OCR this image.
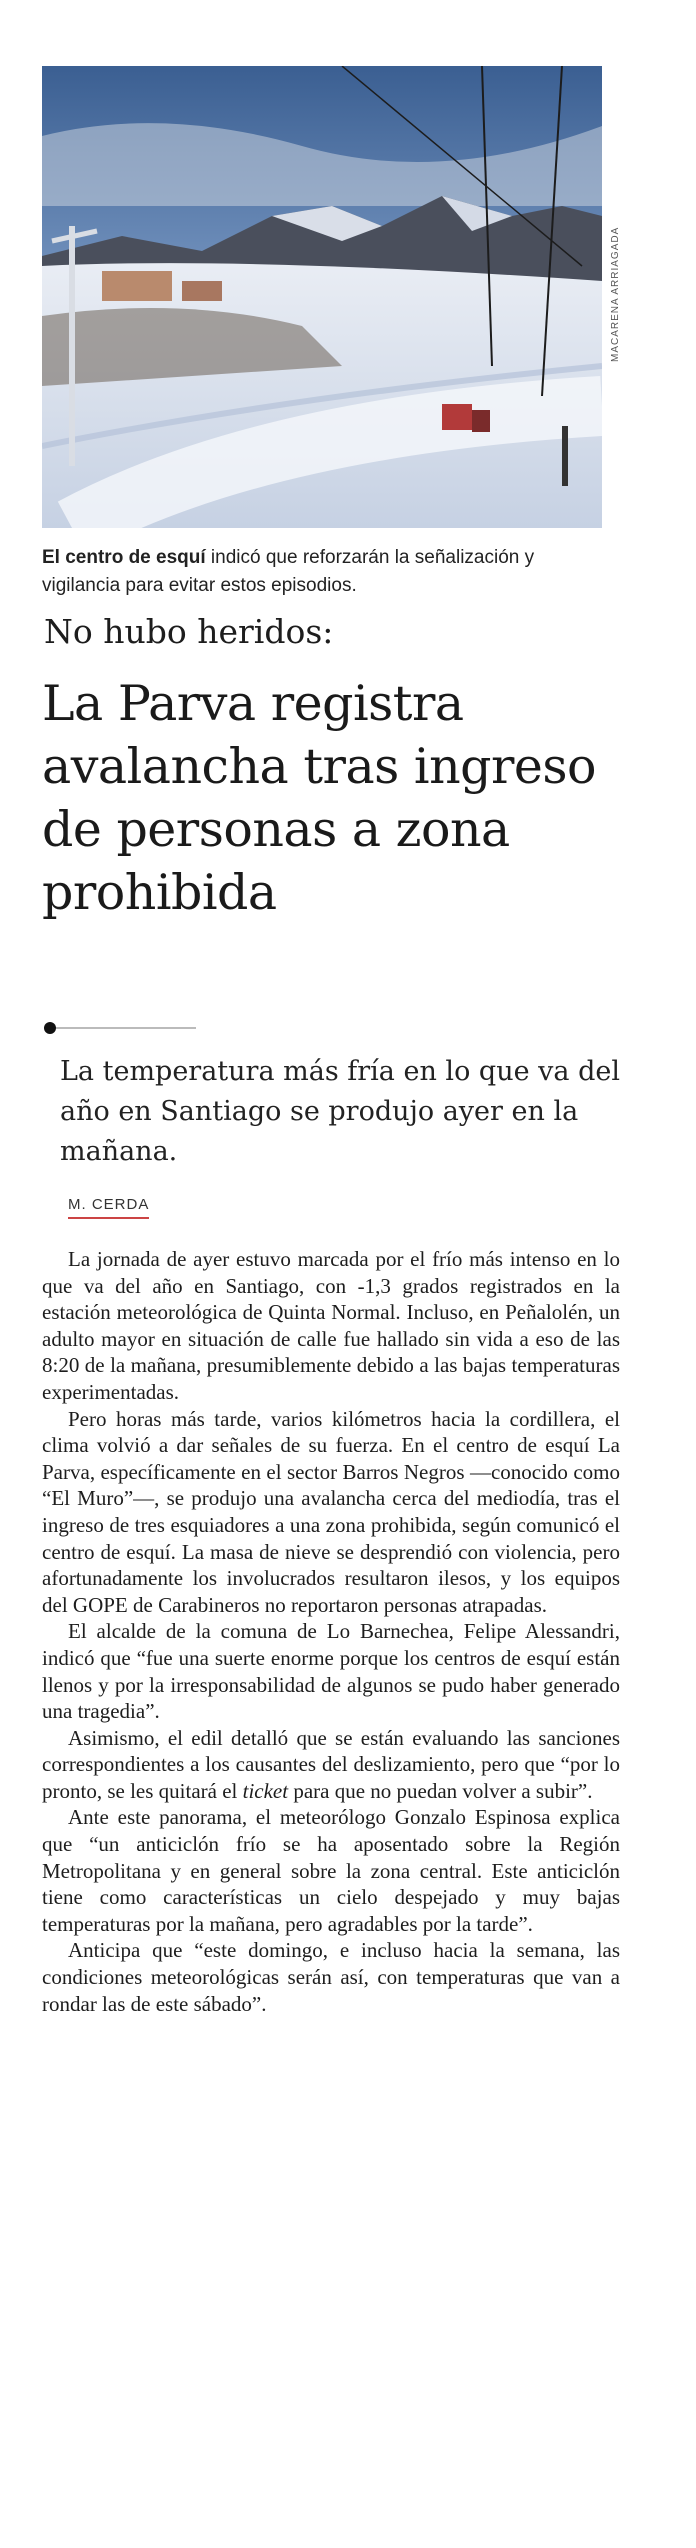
MACARENA ARRIAGADA
El centro de esquí indicó que reforzarán la señalización y vigilancia para evitar estos episodios.
No hubo heridos:
La Parva registra avalancha tras ingreso de personas a zona prohibida
La temperatura más fría en lo que va del año en Santiago se produjo ayer en la mañana.
M. CERDA

La jornada de ayer estuvo marcada por el frío más intenso en lo que va del año en Santiago, con -1,3 grados registrados en la estación meteorológica de Quinta Normal. Incluso, en Peñalolén, un adulto mayor en situación de calle fue hallado sin vida a eso de las 8:20 de la mañana, presumiblemente debido a las bajas temperaturas experimentadas.

Pero horas más tarde, varios kilómetros hacia la cordillera, el clima volvió a dar señales de su fuerza. En el centro de esquí La Parva, específicamente en el sector Barros Negros —conocido como “El Muro”—, se produjo una avalancha cerca del mediodía, tras el ingreso de tres esquiadores a una zona prohibida, según comunicó el centro de esquí. La masa de nieve se desprendió con violencia, pero afortunadamente los involucrados resultaron ilesos, y los equipos del GOPE de Carabineros no reportaron personas atrapadas.

El alcalde de la comuna de Lo Barnechea, Felipe Alessandri, indicó que “fue una suerte enorme porque los centros de esquí están llenos y por la irresponsabilidad de algunos se pudo haber generado una tragedia”.

Asimismo, el edil detalló que se están evaluando las sanciones correspondientes a los causantes del deslizamiento, pero que “por lo pronto, se les quitará el ticket para que no puedan volver a subir”.

Ante este panorama, el meteorólogo Gonzalo Espinosa explica que “un anticiclón frío se ha aposentado sobre la Región Metropolitana y en general sobre la zona central. Este anticiclón tiene como características un cielo despejado y muy bajas temperaturas por la mañana, pero agradables por la tarde”.

Anticipa que “este domingo, e incluso hacia la semana, las condiciones meteorológicas serán así, con temperaturas que van a rondar las de este sábado”.
